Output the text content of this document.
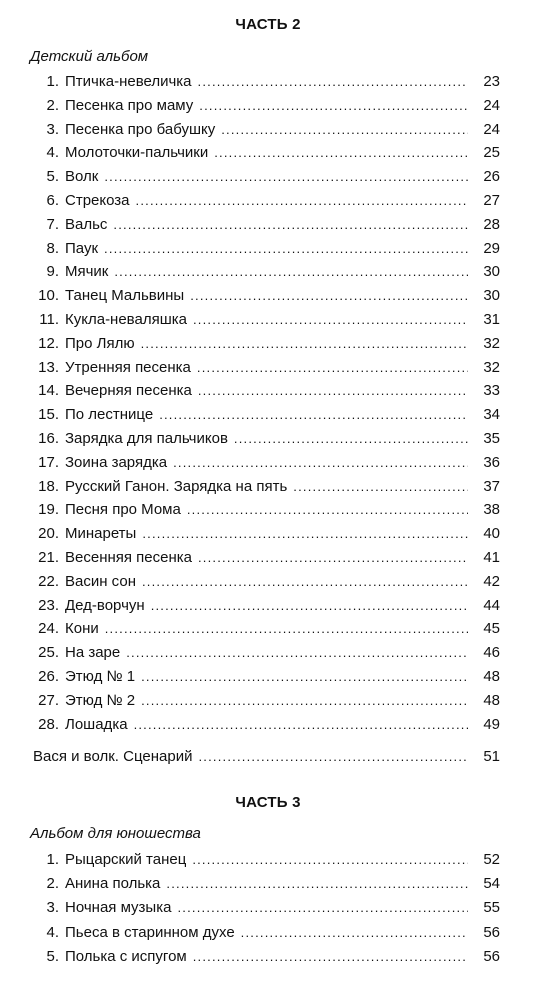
ЧАСТЬ 2
Детский альбом
1. Птичка-невеличка .....	23
2. Песенка про маму .....	24
3. Песенка про бабушку .....	24
4. Молоточки-пальчики .....	25
5. Волк .....	26
6. Стрекоза .....	27
7. Вальс .....	28
8. Паук .....	29
9. Мячик .....	30
10. Танец Мальвины .....	30
11. Кукла-неваляшка .....	31
12. Про Лялю .....	32
13. Утренняя песенка .....	32
14. Вечерняя песенка .....	33
15. По лестнице .....	34
16. Зарядка для пальчиков .....	35
17. Зоина зарядка .....	36
18. Русский Ганон. Зарядка на пять .....	37
19. Песня про Мома .....	38
20. Минареты .....	40
21. Весенняя песенка .....	41
22. Васин сон .....	42
23. Дед-ворчун .....	44
24. Кони .....	45
25. На заре .....	46
26. Этюд № 1 .....	48
27. Этюд № 2 .....	48
28. Лошадка .....	49
Вася и волк. Сценарий .....	51
ЧАСТЬ 3
Альбом для юношества
1. Рыцарский танец .....	52
2. Анина полька .....	54
3. Ночная музыка .....	55
4. Пьеса в старинном духе .....	56
5. Полька с испугом .....	56
